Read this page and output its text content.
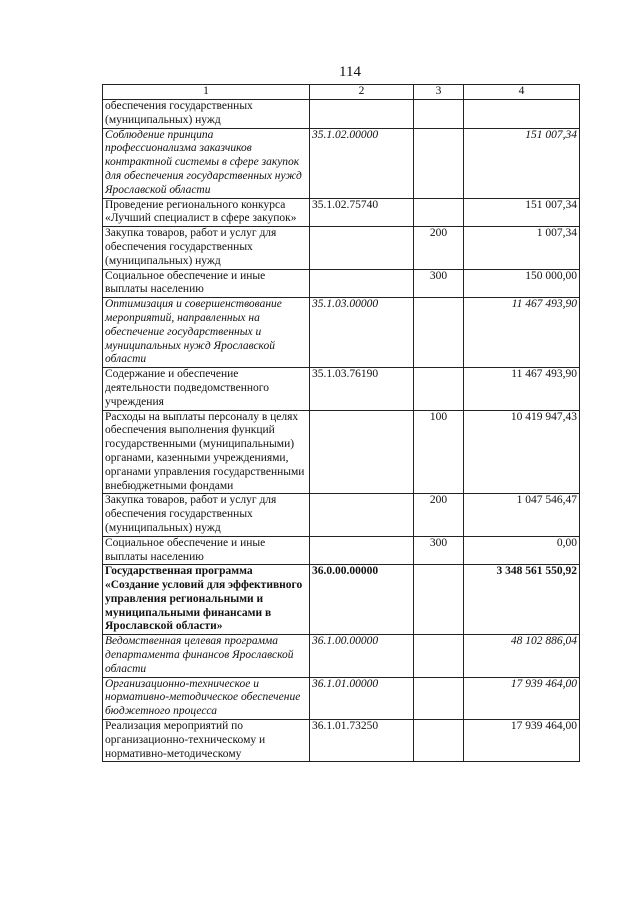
114
1	2	3	4
обеспечения государственных (муниципальных) нужд			
Соблюдение принципа профессионализма заказчиков контрактной системы в сфере закупок для обеспечения государственных нужд Ярославской области	35.1.02.00000		151 007,34
Проведение регионального конкурса «Лучший специалист в сфере закупок»	35.1.02.75740		151 007,34
Закупка товаров, работ и услуг для обеспечения государственных (муниципальных) нужд		200	1 007,34
Социальное обеспечение и иные выплаты населению		300	150 000,00
Оптимизация и совершенствование мероприятий, направленных на обеспечение государственных и муниципальных нужд Ярославской области	35.1.03.00000		11 467 493,90
Содержание и обеспечение деятельности подведомственного учреждения	35.1.03.76190		11 467 493,90
Расходы на выплаты персоналу в целях обеспечения выполнения функций государственными (муниципальными) органами, казенными учреждениями, органами управления государственными внебюджетными фондами		100	10 419 947,43
Закупка товаров, работ и услуг для обеспечения государственных (муниципальных) нужд		200	1 047 546,47
Социальное обеспечение и иные выплаты населению		300	0,00
Государственная программа «Создание условий для эффективного управления региональными и муниципальными финансами в Ярославской области»	36.0.00.00000		3 348 561 550,92
Ведомственная целевая программа департамента финансов Ярославской области	36.1.00.00000		48 102 886,04
Организационно-техническое и нормативно-методическое обеспечение бюджетного процесса	36.1.01.00000		17 939 464,00
Реализация мероприятий по организационно-техническому и нормативно-методическому	36.1.01.73250		17 939 464,00
